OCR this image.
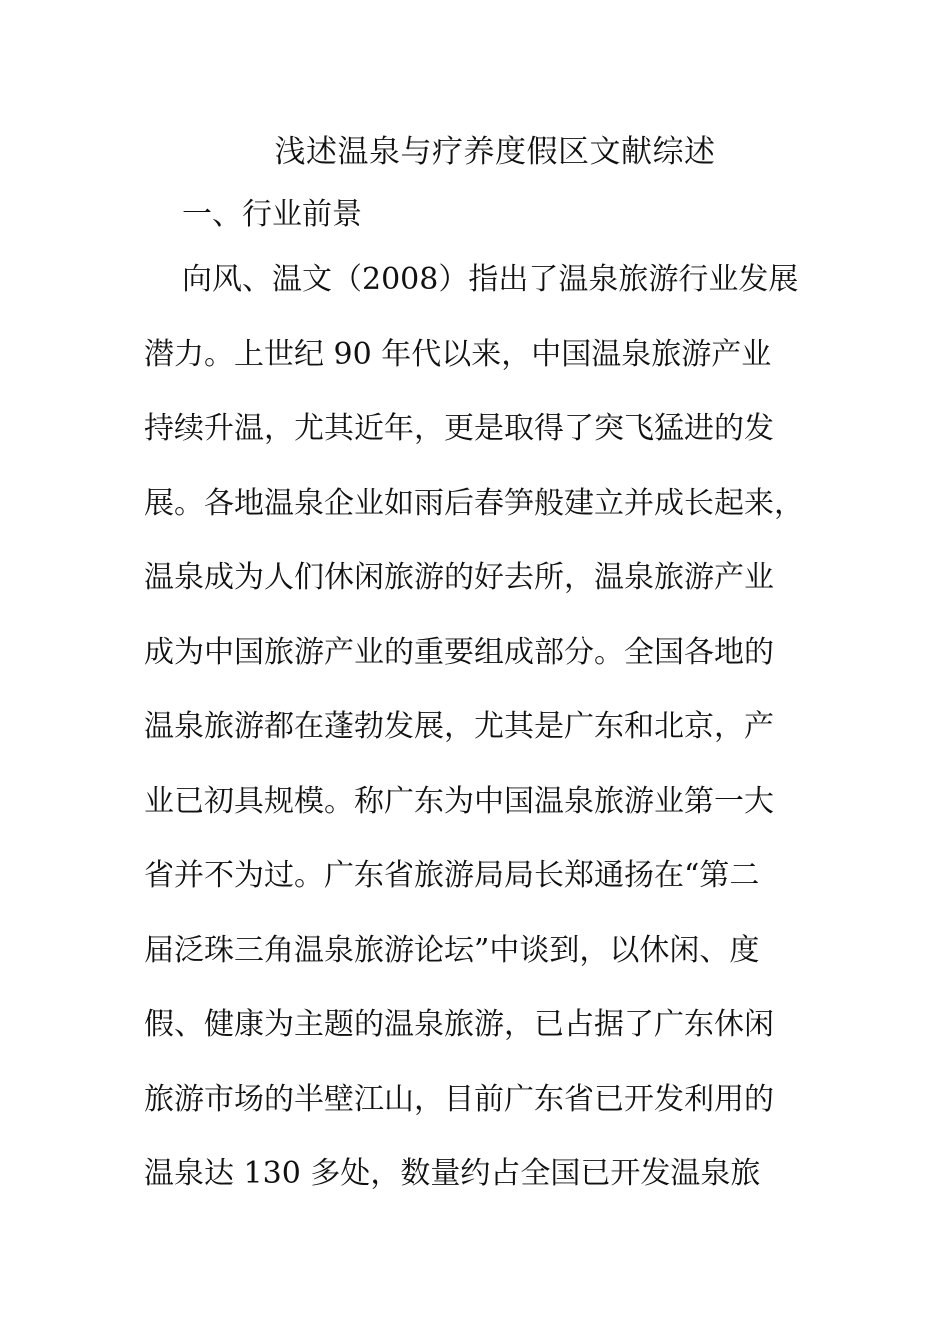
浅述温泉与疗养度假区文献综述
一、行业前景
向风、温文（2008）指出了温泉旅游行业发展
潜力。上世纪 90 年代以来，中国温泉旅游产业
持续升温，尤其近年，更是取得了突飞猛进的发
展。各地温泉企业如雨后春笋般建立并成长起来，
温泉成为人们休闲旅游的好去所，温泉旅游产业
成为中国旅游产业的重要组成部分。全国各地的
温泉旅游都在蓬勃发展，尤其是广东和北京，产
业已初具规模。称广东为中国温泉旅游业第一大
省并不为过。广东省旅游局局长郑通扬在“第二
届泛珠三角温泉旅游论坛”中谈到，以休闲、度
假、健康为主题的温泉旅游，已占据了广东休闲
旅游市场的半壁江山，目前广东省已开发利用的
温泉达 130 多处，数量约占全国已开发温泉旅
